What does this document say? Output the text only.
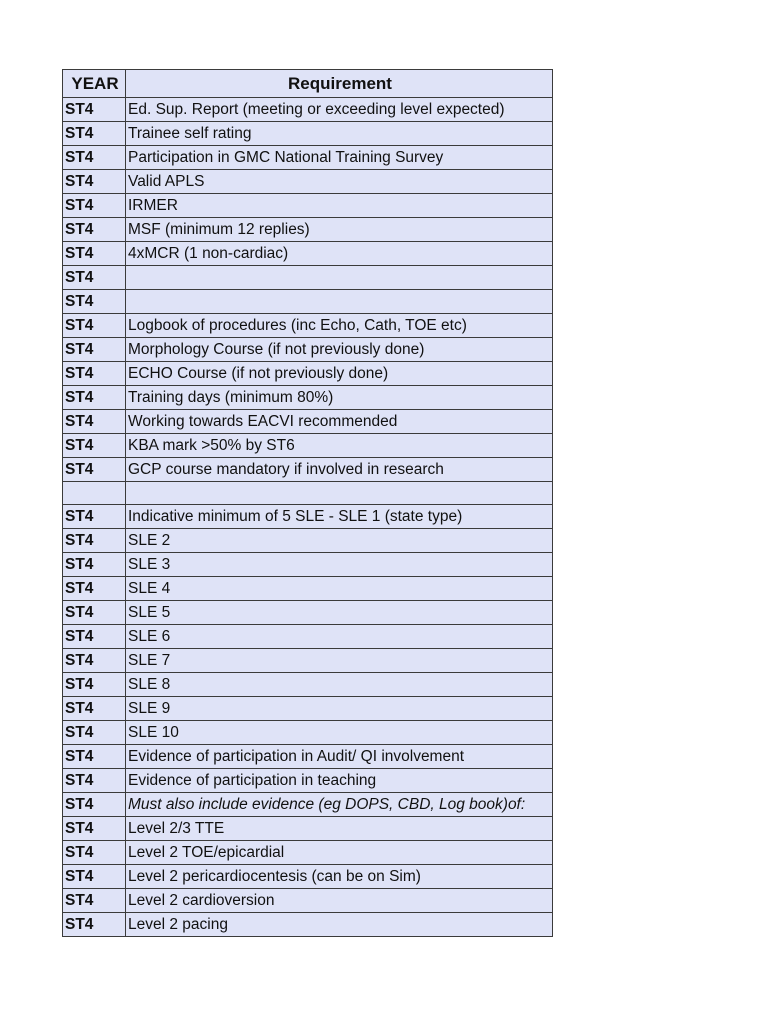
YEAR	Requirement
ST4	Ed. Sup. Report (meeting or exceeding level expected)
ST4	Trainee self rating
ST4	Participation in GMC National Training Survey
ST4	Valid APLS
ST4	IRMER
ST4	MSF (minimum 12 replies)
ST4	4xMCR (1 non-cardiac)
ST4	
ST4	
ST4	Logbook of procedures (inc Echo, Cath, TOE etc)
ST4	Morphology Course (if not previously done)
ST4	ECHO Course (if not previously done)
ST4	Training days (minimum 80%)
ST4	Working towards EACVI recommended
ST4	KBA mark >50% by ST6
ST4	GCP course mandatory if involved in research

ST4	Indicative minimum of 5 SLE - SLE 1 (state type)
ST4	SLE 2
ST4	SLE 3
ST4	SLE 4
ST4	SLE 5
ST4	SLE 6
ST4	SLE 7
ST4	SLE 8
ST4	SLE 9
ST4	SLE 10
ST4	Evidence of participation in Audit/ QI involvement
ST4	Evidence of participation in teaching
ST4	Must also include evidence (eg DOPS, CBD, Log book)of:
ST4	Level 2/3 TTE
ST4	Level 2 TOE/epicardial
ST4	Level 2 pericardiocentesis (can be on Sim)
ST4	Level 2 cardioversion
ST4	Level 2 pacing
